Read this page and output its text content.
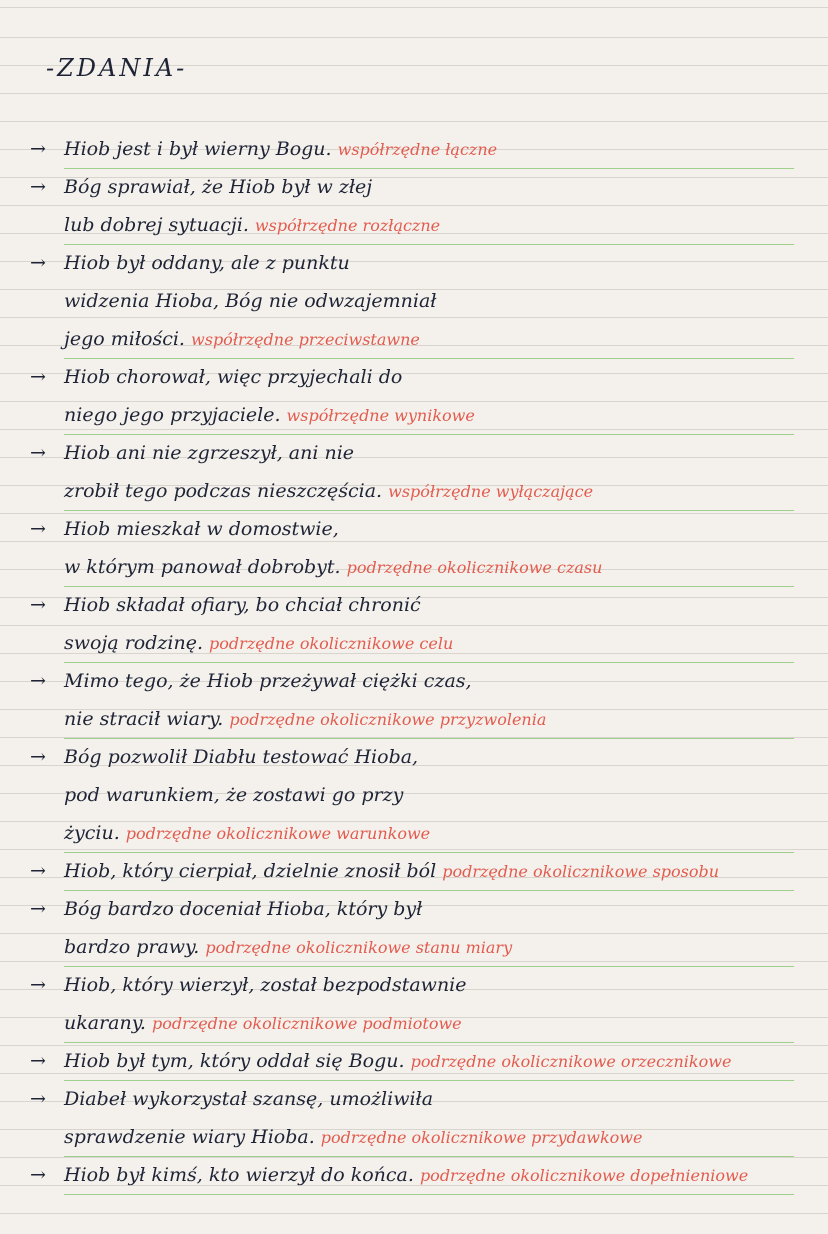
-ZDANIA-
→ Hiob jest i był wierny Bogu. współrzędne łączne
→ Bóg sprawiał, że Hiob był w złej
lub dobrej sytuacji. współrzędne rozłączne
→ Hiob był oddany, ale z punktu
widzenia Hioba, Bóg nie odwzajemniał
jego miłości. współrzędne przeciwstawne
→ Hiob chorował, więc przyjechali do
niego jego przyjaciele. współrzędne wynikowe
→ Hiob ani nie zgrzeszył, ani nie
zrobił tego podczas nieszczęścia. współrzędne wyłączające
→ Hiob mieszkał w domostwie,
w którym panował dobrobyt. podrzędne okolicznikowe czasu
→ Hiob składał ofiary, bo chciał chronić
swoją rodzinę. podrzędne okolicznikowe celu
→ Mimo tego, że Hiob przeżywał ciężki czas,
nie stracił wiary. podrzędne okolicznikowe przyzwolenia
→ Bóg pozwolił Diabłu testować Hioba,
pod warunkiem, że zostawi go przy
życiu. podrzędne okolicznikowe warunkowe
→ Hiob, który cierpiał, dzielnie znosił ból podrzędne okolicznikowe sposobu
→ Bóg bardzo doceniał Hioba, który był
bardzo prawy. podrzędne okolicznikowe stanu miary
→ Hiob, który wierzył, został bezpodstawnie
ukarany. podrzędne okolicznikowe podmiotowe
→ Hiob był tym, który oddał się Bogu. podrzędne okolicznikowe orzecznikowe
→ Diabeł wykorzystał szansę, umożliwiła
sprawdzenie wiary Hioba. podrzędne okolicznikowe przydawkowe
→ Hiob był kimś, kto wierzył do końca. podrzędne okolicznikowe dopełnieniowe
